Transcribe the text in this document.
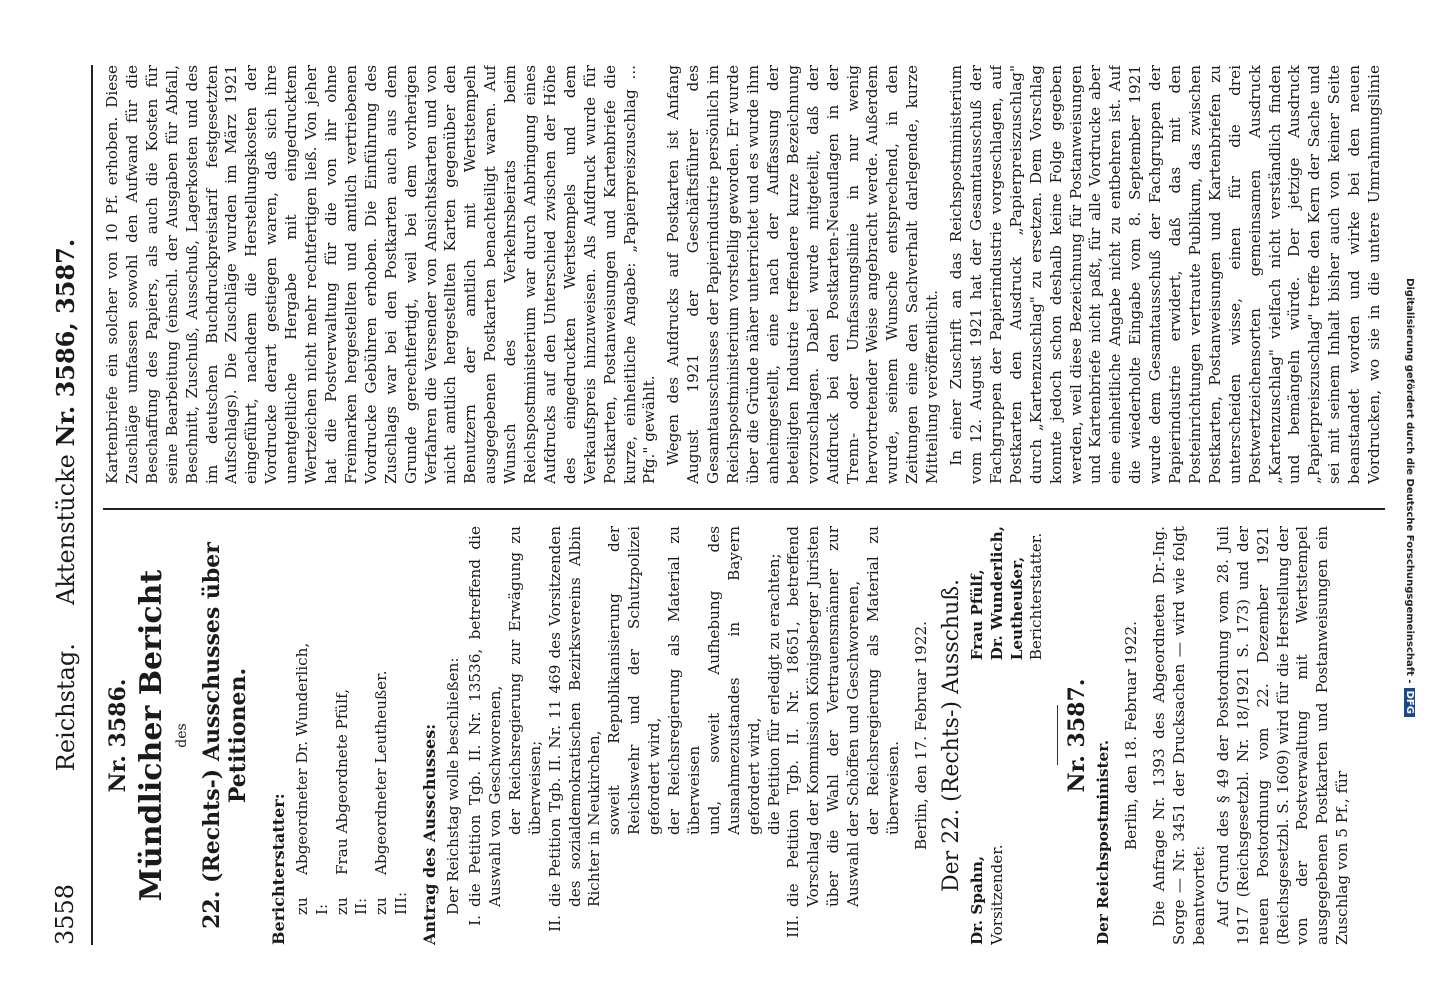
3558
Reichstag.     Aktenstücke Nr. 3586, 3587.
Nr. 3586. Mündlicher Bericht des 22. (Rechts-) Ausschusses über Petitionen.
Berichterstatter: zu I:
Abgeordneter Dr. Wunderlich,
zu II:
Frau Abgeordnete Pfülf,
zu III:
Abgeordneter Leutheußer.	Antrag des Ausschusses: Der Reichstag wolle beschließen:
I.
die Petition Tgb. II. Nr. 13536, betreffend die Auswahl von Geschworenen, der Reichsregierung zur Erwägung zu überweisen;
II.
die Petition Tgb. II. Nr. 11 469 des Vorsitzenden des sozialdemokratischen Bezirksvereins Albin Richter in Neukirchen, soweit Republikanisierung der Reichswehr und der Schutzpolizei gefordert wird, der Reichsregierung als Material zu überweisen und, soweit Aufhebung des Ausnahmezustandes in Bayern gefordert wird, die Petition für erledigt zu erachten;
III.
die Petition Tgb. II. Nr. 18651, betreffend Vorschlag der Kommission Königsberger Juristen über die Wahl der Vertrauensmänner zur Auswahl der Schöffen und Geschworenen, der Reichsregierung als Material zu überweisen. Berlin, den 17. Februar 1922. Der 22. (Rechts-) Ausschuß.
Dr. Spahn, Vorsitzender.
Frau Pfülf, Dr. Wunderlich, Leutheußer, Berichterstatter.
Nr. 3587.
Der Reichspostminister. Berlin, den 18. Februar 1922. Die Anfrage Nr. 1393 des Abgeordneten Dr.-Ing. Sorge — Nr. 3451 der Drucksachen — wird wie folgt beantwortet: Auf Grund des § 49 der Postordnung vom 28. Juli 1917 (Reichsgesetzbl. Nr. 18/1921 S. 173) und der neuen Postordnung vom 22. Dezember 1921 (Reichsgesetzbl. S. 1609) wird für die Herstellung der von der Postverwaltung mit Wertstempel ausgegebenen Postkarten und Postanweisungen ein Zuschlag von 5 Pf., für

Kartenbriefe ein solcher von 10 Pf. erhoben. Diese Zuschläge umfassen sowohl den Aufwand für die Beschaffung des Papiers, als auch die Kosten für seine Bearbeitung (einschl. der Ausgaben für Abfall, Beschnitt, Zuschuß, Ausschuß, Lagerkosten und des im deutschen Buchdruckpreistarif festgesetzten Aufschlags). Die Zuschläge wurden im März 1921 eingeführt, nachdem die Herstellungskosten der Vordrucke derart gestiegen waren, daß sich ihre unentgeltliche Hergabe mit eingedrucktem Wertzeichen nicht mehr rechtfertigen ließ. Von jeher hat die Postverwaltung für die von ihr ohne Freimarken hergestellten und amtlich vertriebenen Vordrucke Gebühren erhoben. Die Einführung des Zuschlags war bei den Postkarten auch aus dem Grunde gerechtfertigt, weil bei dem vorherigen Verfahren die Versender von Ansichtskarten und von nicht amtlich hergestellten Karten gegenüber den Benutzern der amtlich mit Wertstempeln ausgegebenen Postkarten benachteiligt waren. Auf Wunsch des Verkehrsbeirats beim Reichspostministerium war durch Anbringung eines Aufdrucks auf den Unterschied zwischen der Höhe des eingedruckten Wertstempels und dem Verkaufspreis hinzuweisen. Als Aufdruck wurde für Postkarten, Postanweisungen und Kartenbriefe die kurze, einheitliche Angabe: „Papierpreiszuschlag ... Pfg." gewählt. Wegen des Aufdrucks auf Postkarten ist Anfang August 1921 der Geschäftsführer des Gesamtausschusses der Papierindustrie persönlich im Reichspostministerium vorstellig geworden. Er wurde über die Gründe näher unterrichtet und es wurde ihm anheimgestellt, eine nach der Auffassung der beteiligten Industrie treffendere kurze Bezeichnung vorzuschlagen. Dabei wurde mitgeteilt, daß der Aufdruck bei den Postkarten-Neuauflagen in der Trenn- oder Umfassungslinie in nur wenig hervortretender Weise angebracht werde. Außerdem wurde, seinem Wunsche entsprechend, in den Zeitungen eine den Sachverhalt darlegende, kurze Mitteilung veröffentlicht. In einer Zuschrift an das Reichspostministerium vom 12. August 1921 hat der Gesamtausschuß der Fachgruppen der Papierindustrie vorgeschlagen, auf Postkarten den Ausdruck „Papierpreiszuschlag" durch „Kartenzuschlag" zu ersetzen. Dem Vorschlag konnte jedoch schon deshalb keine Folge gegeben werden, weil diese Bezeichnung für Postanweisungen und Kartenbriefe nicht paßt, für alle Vordrucke aber eine einheitliche Angabe nicht zu entbehren ist. Auf die wiederholte Eingabe vom 8. September 1921 wurde dem Gesamtausschuß der Fachgruppen der Papierindustrie erwidert, daß das mit den Posteinrichtungen vertraute Publikum, das zwischen Postkarten, Postanweisungen und Kartenbriefen zu unterscheiden wisse, einen für die drei Postwertzeichensorten gemeinsamen Ausdruck „Kartenzuschlag" vielfach nicht verständlich finden und bemängeln würde. Der jetzige Ausdruck „Papierpreiszuschlag" treffe den Kern der Sache und sei mit seinem Inhalt bisher auch von keiner Seite beanstandet worden und wirke bei den neuen Vordrucken, wo sie in die untere Umrahmungslinie

Digitalisierung gefördert durch die Deutsche Forschungsgemeinschaft -DFG
